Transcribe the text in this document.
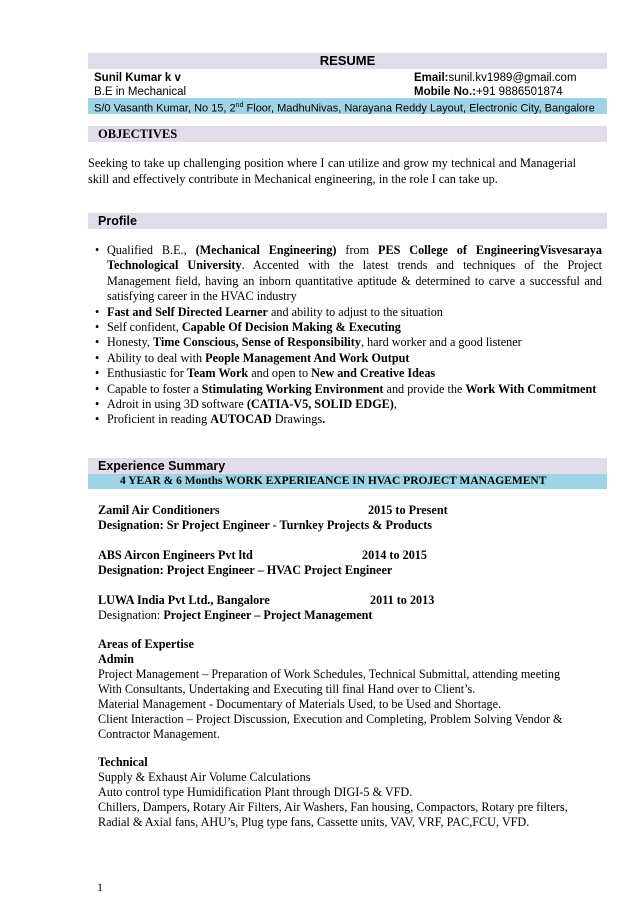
RESUME
Sunil Kumar k v	Email:sunil.kv1989@gmail.com
B.E in Mechanical	Mobile No.:+91 9886501874
S/0 Vasanth Kumar, No 15, 2nd Floor, MadhuNivas, Narayana Reddy Layout, Electronic City, Bangalore
OBJECTIVES
Seeking to take up challenging position where I can utilize and grow my technical and Managerial skill and effectively contribute in Mechanical engineering, in the role I can take up.
Profile
• Qualified B.E., (Mechanical Engineering) from PES College of EngineeringVisvesaraya Technological University. Accented with the latest trends and techniques of the Project Management field, having an inborn quantitative aptitude & determined to carve a successful and satisfying career in the HVAC industry
• Fast and Self Directed Learner and ability to adjust to the situation
• Self confident, Capable Of Decision Making & Executing
• Honesty, Time Conscious, Sense of Responsibility, hard worker and a good listener
• Ability to deal with People Management And Work Output
• Enthusiastic for Team Work and open to New and Creative Ideas
• Capable to foster a Stimulating Working Environment and provide the Work With Commitment
• Adroit in using 3D software (CATIA-V5, SOLID EDGE),
• Proficient in reading AUTOCAD Drawings.
Experience Summary
4 YEAR & 6 Months WORK EXPERIEANCE IN HVAC PROJECT MANAGEMENT
Zamil Air Conditioners	2015 to Present
Designation: Sr Project Engineer - Turnkey Projects & Products
ABS Aircon Engineers Pvt ltd	2014 to 2015
Designation: Project Engineer – HVAC Project Engineer
LUWA India Pvt Ltd., Bangalore	2011 to 2013
Designation: Project Engineer – Project Management
Areas of Expertise
Admin
Project Management – Preparation of Work Schedules, Technical Submittal, attending meeting
With Consultants, Undertaking and Executing till final Hand over to Client’s.
Material Management - Documentary of Materials Used, to be Used and Shortage.
Client Interaction – Project Discussion, Execution and Completing, Problem Solving Vendor &
Contractor Management.
Technical
Supply & Exhaust Air Volume Calculations
Auto control type Humidification Plant through DIGI-5 & VFD.
Chillers, Dampers, Rotary Air Filters, Air Washers, Fan housing, Compactors, Rotary pre filters,
Radial & Axial fans, AHU’s, Plug type fans, Cassette units, VAV, VRF, PAC,FCU, VFD.
1
